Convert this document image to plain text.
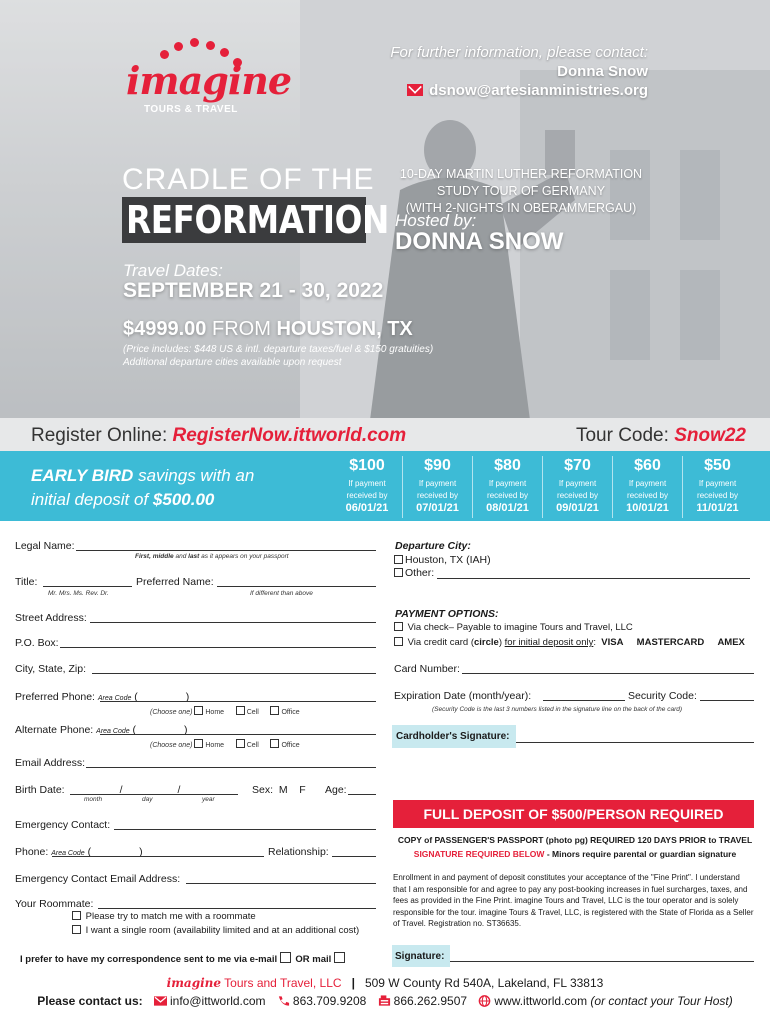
imagine
TOURS & TRAVEL
For further information, please contact:
Donna Snow
dsnow@artesianministries.org
CRADLE OF THE
REFORMATION
10-DAY MARTIN LUTHER REFORMATION
STUDY TOUR OF GERMANY
(WITH 2-NIGHTS IN OBERAMMERGAU)
Hosted by:
DONNA SNOW
Travel Dates:
SEPTEMBER 21 - 30, 2022
$4999.00 FROM HOUSTON, TX
(Price includes: $448 US & intl. departure taxes/fuel & $150 gratuities)
Additional departure cities available upon request
Register Online: RegisterNow.ittworld.com	Tour Code: Snow22
EARLY BIRD savings with an
initial deposit of $500.00
$100
If payment
received by
06/01/21
$90
If payment
received by
07/01/21
$80
If payment
received by
08/01/21
$70
If payment
received by
09/01/21
$60
If payment
received by
10/01/21
$50
If payment
received by
11/01/21
Legal Name:
First, middle and last as it appears on your passport
Title:
Mr. Mrs. Ms. Rev. Dr.
Preferred Name:
If different than above
Street Address:
P.O. Box:
City, State, Zip:
Preferred Phone: Area Code (	)
(Choose one) Home	Cell	Office
Alternate Phone: Area Code (	)
(Choose one) Home	Cell	Office
Email Address:
Birth Date:	/	/
month	day	year
Sex: M F Age:
Emergency Contact:
Phone: Area Code (	)	Relationship:
Emergency Contact Email Address:
Your Roommate:
Please try to match me with a roommate
I want a single room (availability limited and at an additional cost)
I prefer to have my correspondence sent to me via e-mail OR mail
Departure City:
Houston, TX (IAH)
Other:
PAYMENT OPTIONS:
Via check– Payable to imagine Tours and Travel, LLC
Via credit card (circle) for initial deposit only: VISA MASTERCARD AMEX
Card Number:
Expiration Date (month/year):	Security Code:
(Security Code is the last 3 numbers listed in the signature line on the back of the card)
Cardholder's Signature:
FULL DEPOSIT OF $500/PERSON REQUIRED
COPY of PASSENGER'S PASSPORT (photo pg) REQUIRED 120 DAYS PRIOR to TRAVEL
SIGNATURE REQUIRED BELOW - Minors require parental or guardian signature
Enrollment in and payment of deposit constitutes your acceptance of the "Fine Print". I understand that I am responsible for and agree to pay any post-booking increases in fuel surcharges, taxes, and fees as provided in the Fine Print. imagine Tours and Travel, LLC is the tour operator and is solely responsible for the tour. imagine Tours & Travel, LLC, is registered with the State of Florida as a Seller of Travel. Registration no. ST36635.
Signature:
imagine Tours and Travel, LLC | 509 W County Rd 540A, Lakeland, FL 33813
Please contact us: info@ittworld.com 863.709.9208 866.262.9507 www.ittworld.com (or contact your Tour Host)
